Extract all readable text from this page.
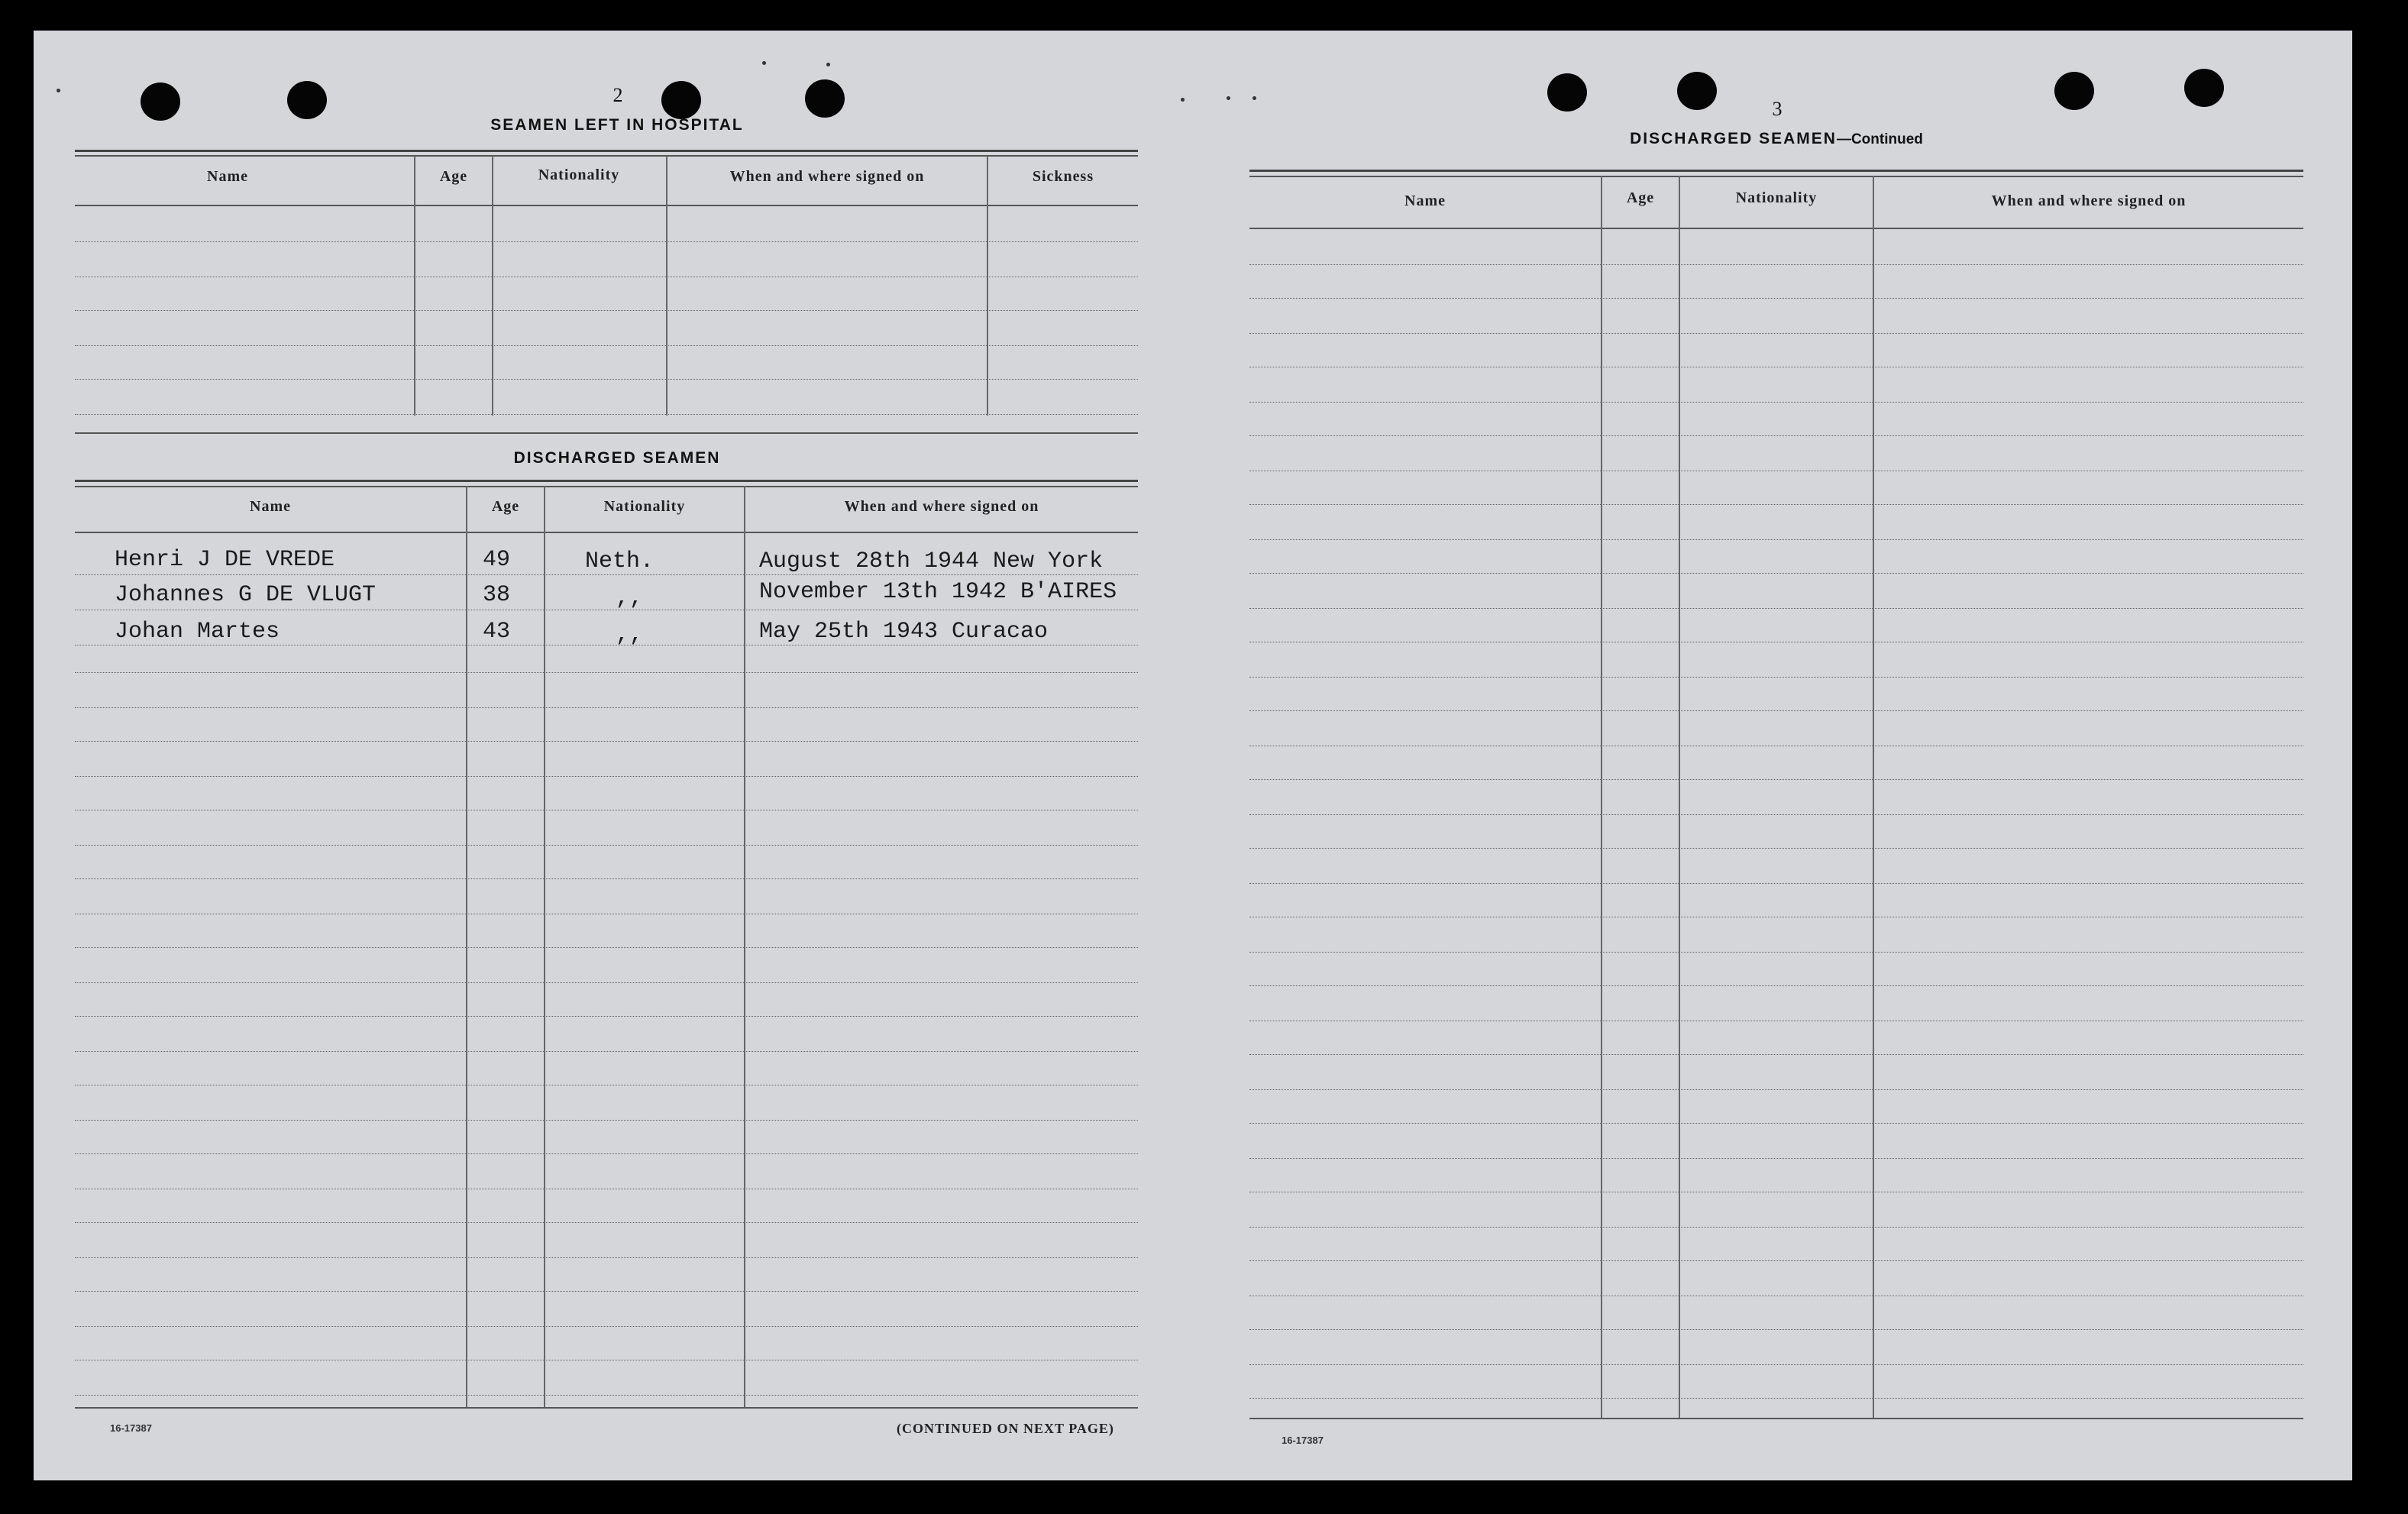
2
SEAMEN LEFT IN HOSPITAL
Name	Age	Nationality	When and where signed on	Sickness
DISCHARGED SEAMEN
Name	Age	Nationality	When and where signed on
Henri J DE VREDE	49	Neth.	August 28th 1944 New York
Johannes G DE VLUGT	38	,,	November 13th 1942 B'AIRES
Johan Martes	43	,,	May 25th 1943 Curacao
16-17387	(CONTINUED ON NEXT PAGE)
3
DISCHARGED SEAMEN—Continued
Name	Age	Nationality	When and where signed on
16-17387
